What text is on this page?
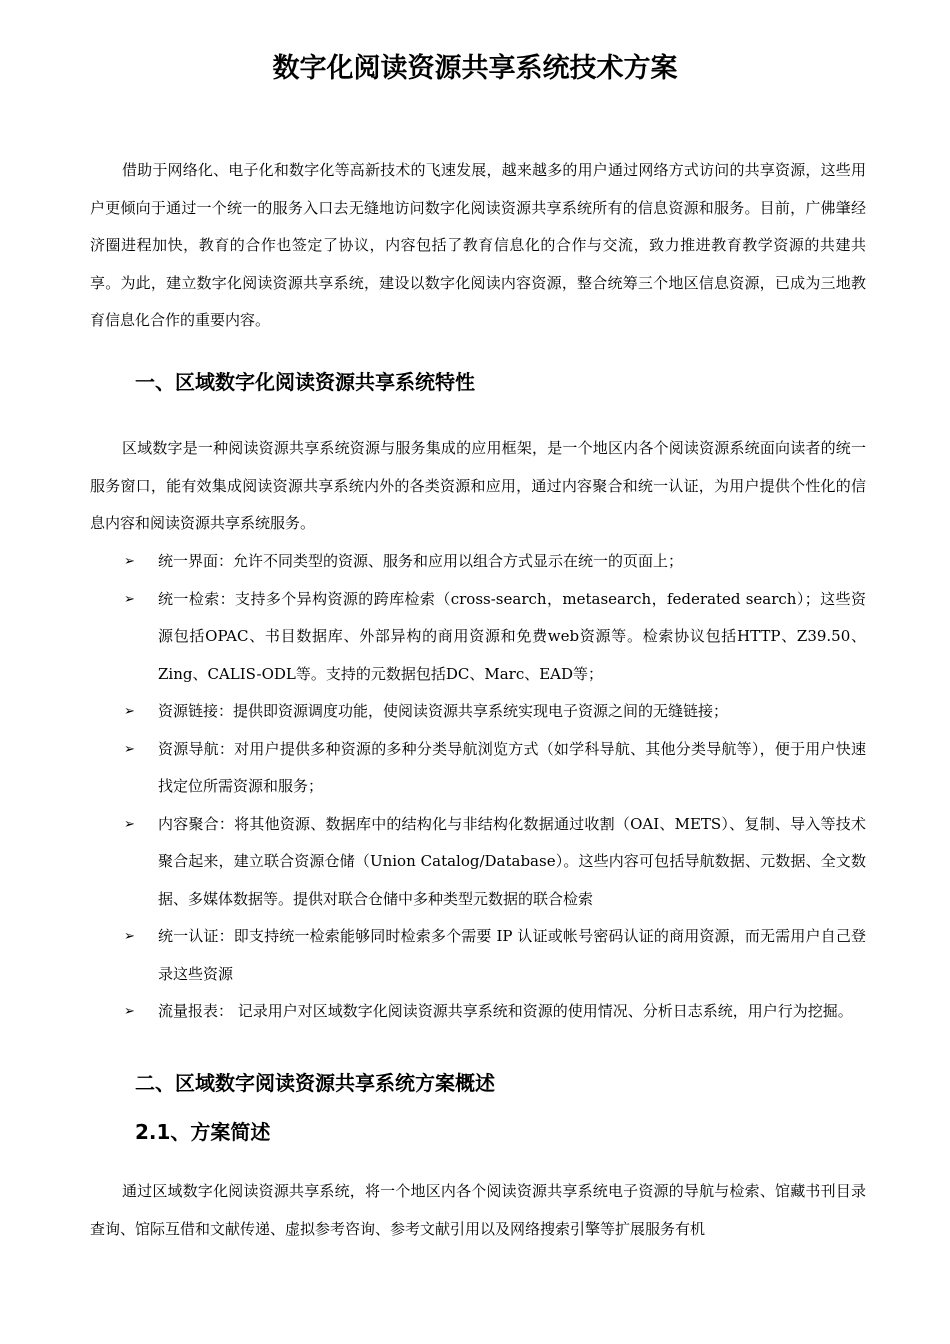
数字化阅读资源共享系统技术方案

借助于网络化、电子化和数字化等高新技术的飞速发展，越来越多的用户通过网络方式访问的共享资源，这些用户更倾向于通过一个统一的服务入口去无缝地访问数字化阅读资源共享系统所有的信息资源和服务。目前，广佛肇经济圈进程加快，教育的合作也签定了协议，内容包括了教育信息化的合作与交流，致力推进教育教学资源的共建共享。为此，建立数字化阅读资源共享系统，建设以数字化阅读内容资源，整合统筹三个地区信息资源，已成为三地教育信息化合作的重要内容。

一、区域数字化阅读资源共享系统特性

区域数字是一种阅读资源共享系统资源与服务集成的应用框架，是一个地区内各个阅读资源系统面向读者的统一服务窗口，能有效集成阅读资源共享系统内外的各类资源和应用，通过内容聚合和统一认证，为用户提供个性化的信息内容和阅读资源共享系统服务。

➢ 统一界面：允许不同类型的资源、服务和应用以组合方式显示在统一的页面上；
➢ 统一检索：支持多个异构资源的跨库检索（cross-search，metasearch，federated search）；这些资源包括OPAC、书目数据库、外部异构的商用资源和免费web资源等。检索协议包括HTTP、Z39.50、Zing、CALIS-ODL等。支持的元数据包括DC、Marc、EAD等；
➢ 资源链接：提供即资源调度功能，使阅读资源共享系统实现电子资源之间的无缝链接；
➢ 资源导航：对用户提供多种资源的多种分类导航浏览方式（如学科导航、其他分类导航等），便于用户快速找定位所需资源和服务；
➢ 内容聚合：将其他资源、数据库中的结构化与非结构化数据通过收割（OAI、METS）、复制、导入等技术聚合起来，建立联合资源仓储（Union Catalog/Database）。这些内容可包括导航数据、元数据、全文数据、多媒体数据等。提供对联合仓储中多种类型元数据的联合检索
➢ 统一认证：即支持统一检索能够同时检索多个需要 IP 认证或帐号密码认证的商用资源，而无需用户自己登录这些资源
➢ 流量报表： 记录用户对区域数字化阅读资源共享系统和资源的使用情况、分析日志系统，用户行为挖掘。
二、区域数字阅读资源共享系统方案概述
2.1、方案简述

通过区域数字化阅读资源共享系统，将一个地区内各个阅读资源共享系统电子资源的导航与检索、馆藏书刊目录查询、馆际互借和文献传递、虚拟参考咨询、参考文献引用以及网络搜索引擎等扩展服务有机
